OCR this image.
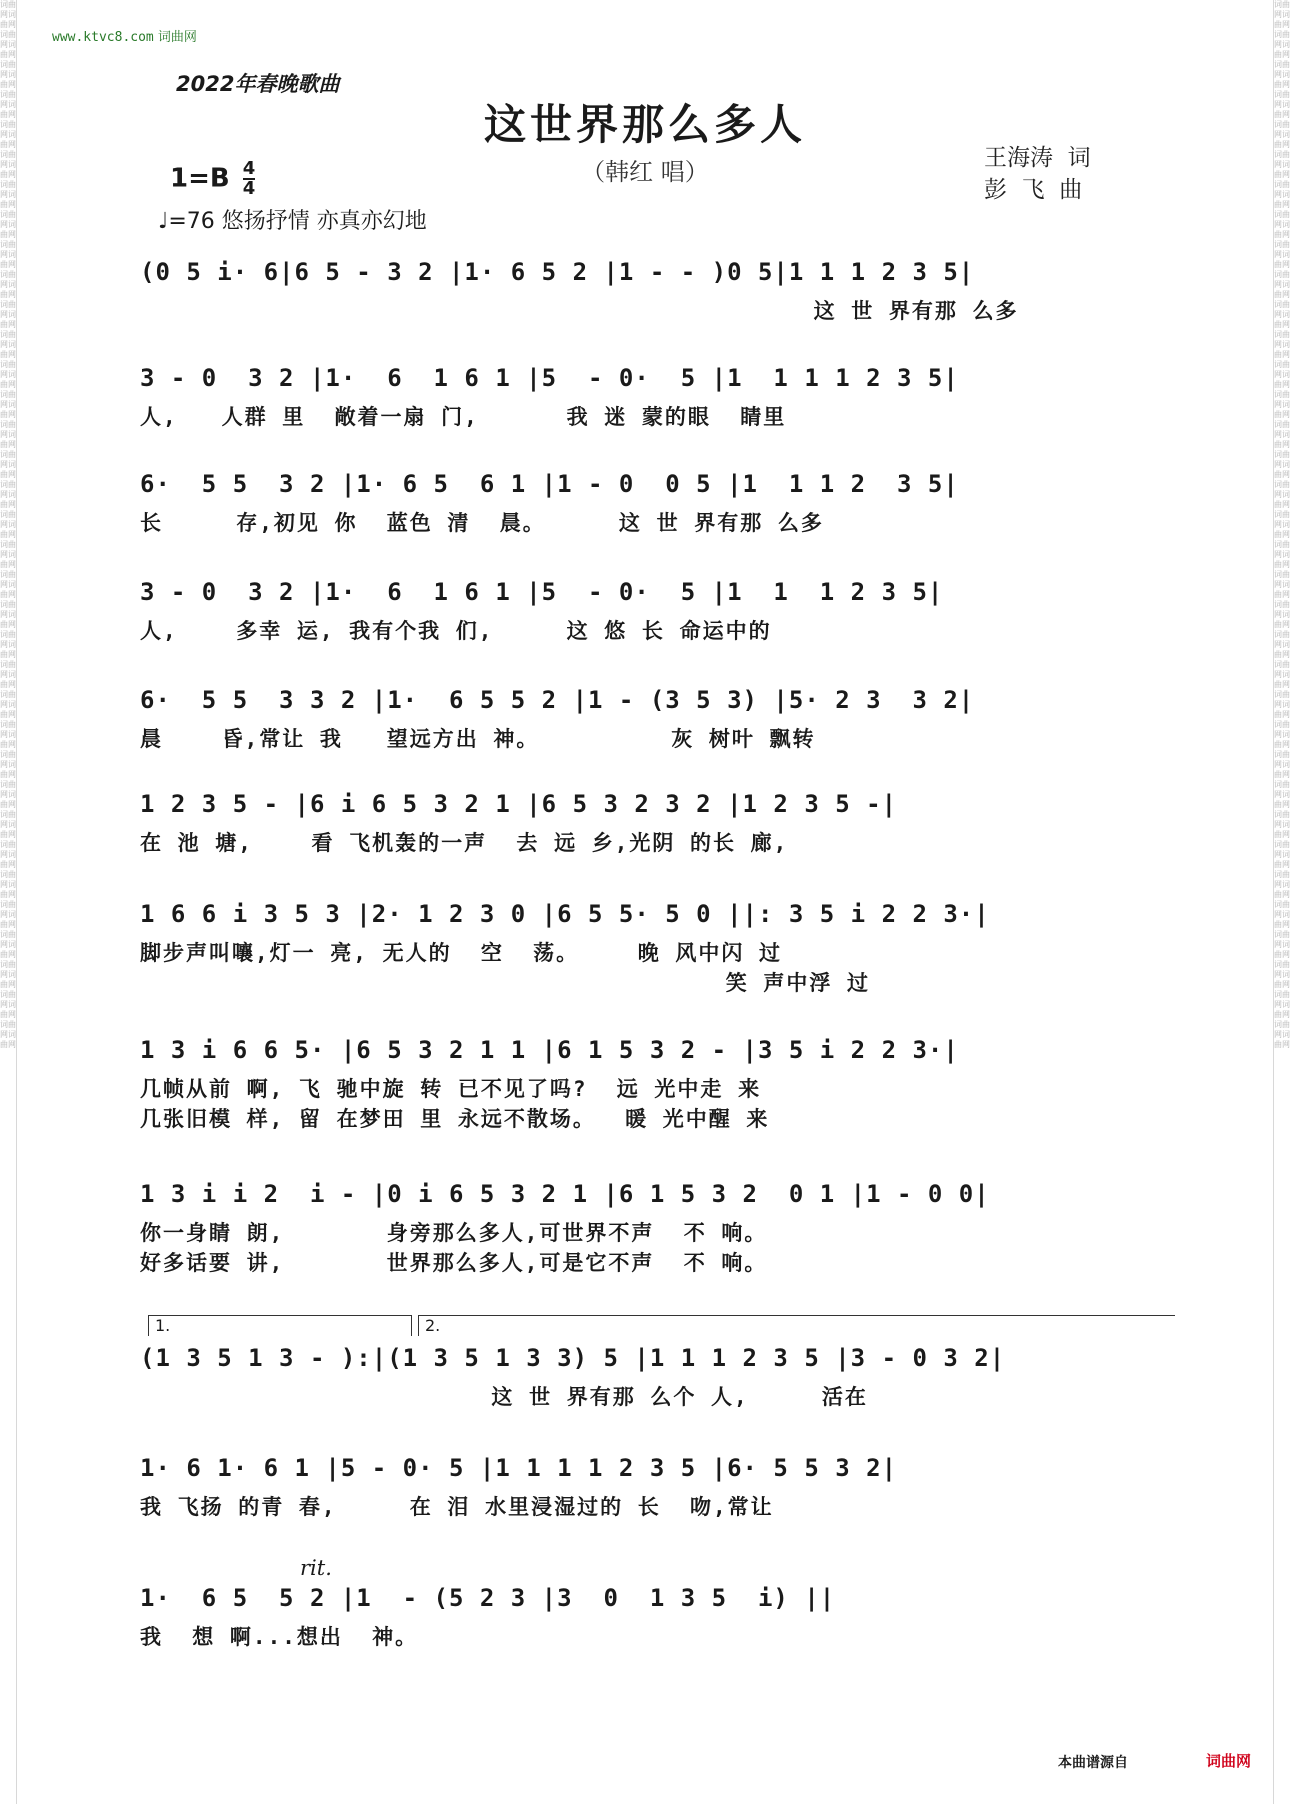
词曲网词曲网词曲网词曲网词曲网词曲网词曲网词曲网词曲网词曲网词曲网词曲网词曲网词曲网词曲网词曲网词曲网词曲网词曲网词曲网词曲网词曲网词曲网词曲网词曲网词曲网词曲网词曲网词曲网词曲网词曲网词曲网词曲网词曲网词曲网词曲网词曲网词曲网词曲网词曲网词曲网词曲网词曲网词曲网词曲网词曲网词曲网词曲网词曲网词曲网词曲网词曲网词曲网词曲网词曲网词曲网词曲网词曲网词曲网词曲网词曲网词曲网词曲网词曲网词曲网词曲网词曲网词曲网词曲网词曲网
词曲网词曲网词曲网词曲网词曲网词曲网词曲网词曲网词曲网词曲网词曲网词曲网词曲网词曲网词曲网词曲网词曲网词曲网词曲网词曲网词曲网词曲网词曲网词曲网词曲网词曲网词曲网词曲网词曲网词曲网词曲网词曲网词曲网词曲网词曲网词曲网词曲网词曲网词曲网词曲网词曲网词曲网词曲网词曲网词曲网词曲网词曲网词曲网词曲网词曲网词曲网词曲网词曲网词曲网词曲网词曲网词曲网词曲网词曲网词曲网词曲网词曲网词曲网词曲网词曲网词曲网词曲网词曲网词曲网词曲网
www.ktvc8.com 词曲网
2022年春晚歌曲
这世界那么多人
（韩红 唱）	王海涛  词
彭  飞  曲
$1=B \frac{4}{4}$
♩=76 悠扬抒情 亦真亦幻地
(0 5 i· 6|6 5 - 3 2 |1· 6 5 2 |1 - - )0 5|1 1 1 2 3 5|
这 世 界有那 么多
3 - 0  3 2 |1·  6  1 6 1 |5  - 0·  5 |1  1 1 1 2 3 5|
人,   人群 里  敞着一扇 门,      我 迷 蒙的眼  睛里
6·  5 5  3 2 |1· 6 5  6 1 |1 - 0  0 5 |1  1 1 2  3 5|
长     存,初见 你  蓝色 清  晨。     这 世 界有那 么多
3 - 0  3 2 |1·  6  1 6 1 |5  - 0·  5 |1  1  1 2 3 5|
人,    多幸 运, 我有个我 们,     这 悠 长 命运中的
6·  5 5  3 3 2 |1·  6 5 5 2 |1 - (3 5 3) |5· 2 3  3 2|
晨    昏,常让 我   望远方出 神。         灰 树叶 飘转
1 2 3 5 - |6 i 6 5 3 2 1 |6 5 3 2 3 2 |1 2 3 5 -|
在 池 塘,    看 飞机轰的一声  去 远 乡,光阴 的长 廊,
1 6 6 i 3 5 3 |2· 1 2 3 0 |6 5 5· 5 0 ||: 3 5 i 2 2 3·|
脚步声叫嚷,灯一 亮, 无人的  空  荡。    晚 风中闪 过
笑 声中浮 过
1 3 i 6 6 5· |6 5 3 2 1 1 |6 1 5 3 2 - |3 5 i 2 2 3·|
几帧从前 啊, 飞 驰中旋 转 已不见了吗?  远 光中走 来
几张旧模 样, 留 在梦田 里 永远不散场。  暖 光中醒 来
1 3 i i 2  i - |0 i 6 5 3 2 1 |6 1 5 3 2  0 1 |1 - 0 0|
你一身睛 朗,       身旁那么多人,可世界不声  不 响。
好多话要 讲,       世界那么多人,可是它不声  不 响。
1.	2.
(1 3 5 1 3 - ):|(1 3 5 1 3 3) 5 |1 1 1 2 3 5 |3 - 0 3 2|
这 世 界有那 么个 人,     活在
1· 6 1· 6 1 |5 - 0· 5 |1 1 1 1 2 3 5 |6· 5 5 3 2|
我 飞扬 的青 春,     在 泪 水里浸湿过的 长  吻,常让
rit.
1·  6 5  5 2 |1  - (5 2 3 |3  0  1 3 5  i) ||
我  想 啊...想出  神。
本曲谱源自	词曲网
